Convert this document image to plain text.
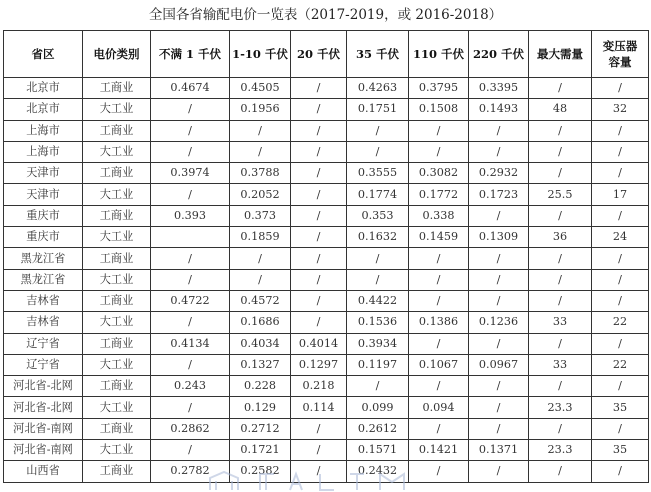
全国各省输配电价一览表（2017-2019，或 2016-2018）
省区	电价类别	不满 1 千伏	1-10 千伏	20 千伏	35 千伏	110 千伏	220 千伏	最大需量	变压器
容量

北京市	工商业	0.4674	0.4505	/	0.4263	0.3795	0.3395	/	/
北京市	大工业	/	0.1956	/	0.1751	0.1508	0.1493	48	32
上海市	工商业	/	/	/	/	/	/	/	/
上海市	大工业	/	/	/	/	/	/	/	/
天津市	工商业	0.3974	0.3788	/	0.3555	0.3082	0.2932	/	/
天津市	大工业	/	0.2052	/	0.1774	0.1772	0.1723	25.5	17
重庆市	工商业	0.393	0.373	/	0.353	0.338	/	/	/
重庆市	大工业		0.1859	/	0.1632	0.1459	0.1309	36	24
黑龙江省	工商业	/	/	/	/	/	/	/	/
黑龙江省	大工业	/	/	/	/	/	/	/	/
吉林省	工商业	0.4722	0.4572	/	0.4422	/	/	/	/
吉林省	大工业	/	0.1686	/	0.1536	0.1386	0.1236	33	22
辽宁省	工商业	0.4134	0.4034	0.4014	0.3934	/	/	/	/
辽宁省	大工业	/	0.1327	0.1297	0.1197	0.1067	0.0967	33	22
河北省-北网	工商业	0.243	0.228	0.218	/	/	/	/	/
河北省-北网	大工业	/	0.129	0.114	0.099	0.094	/	23.3	35
河北省-南网	工商业	0.2862	0.2712	/	0.2612	/	/	/	/
河北省-南网	大工业	/	0.1721	/	0.1571	0.1421	0.1371	23.3	35
山西省	工商业	0.2782	0.2582	/	0.2432	/	/	/	/
